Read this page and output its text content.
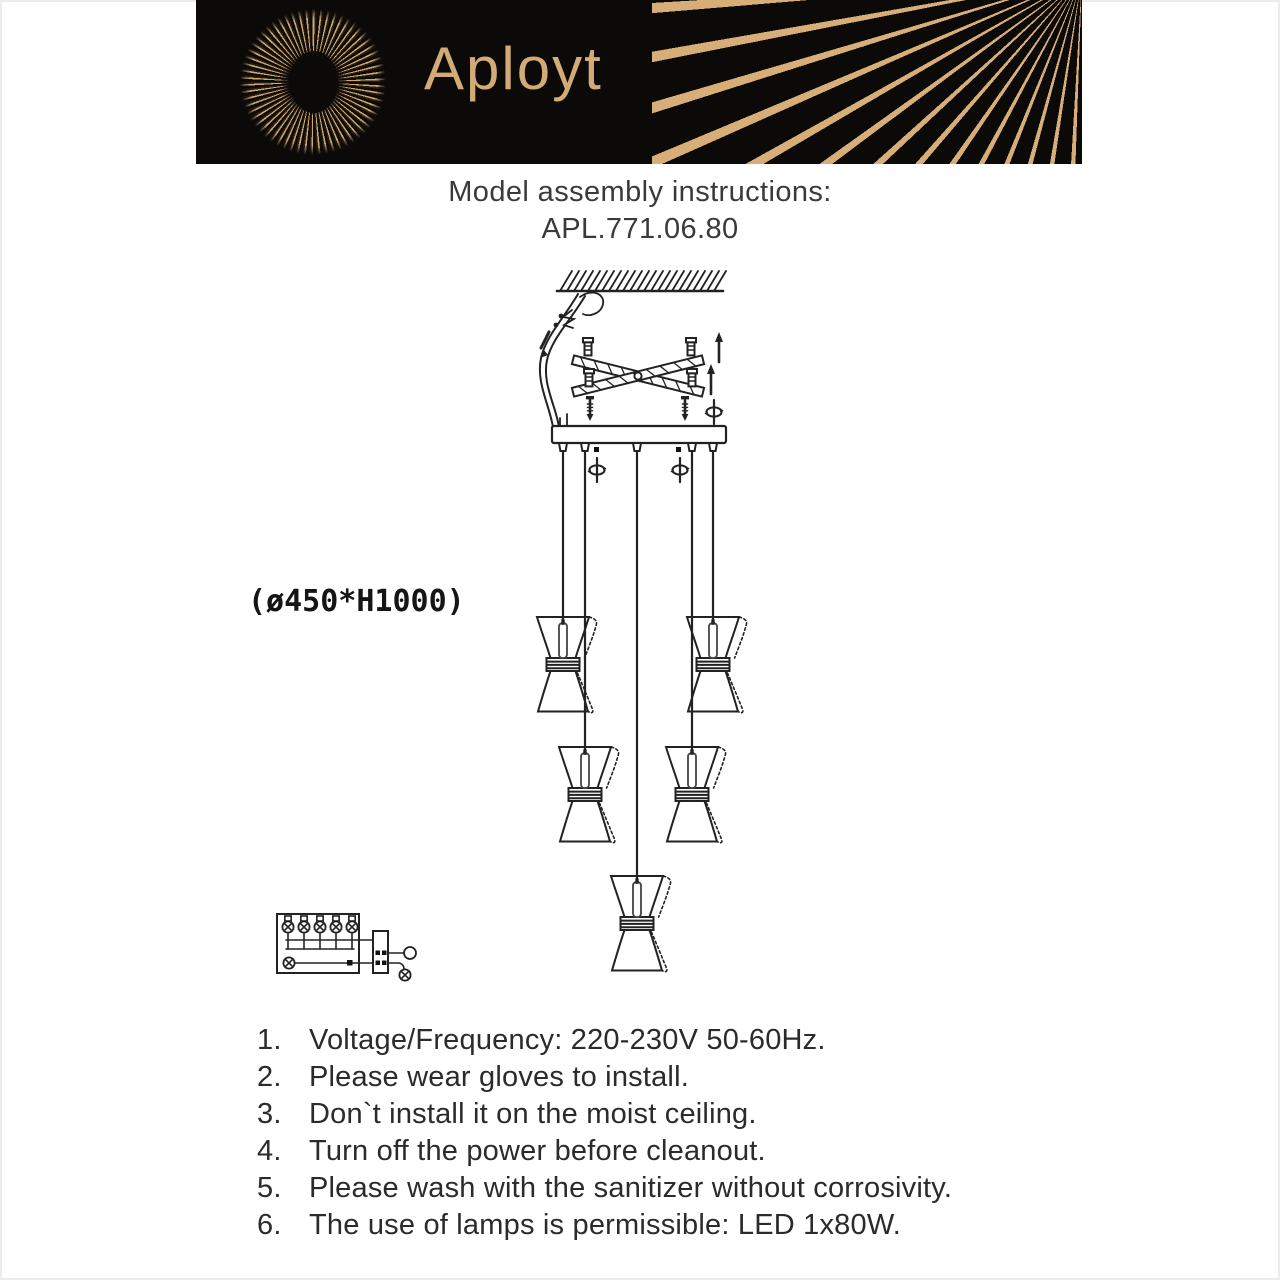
Aployt
Model assembly instructions:
APL.771.06.80
(ø450*H1000)
1. Voltage/Frequency: 220-230V 50-60Hz.
2. Please wear gloves to install.
3. Don`t install it on the moist ceiling.
4. Turn off the power before cleanout.
5. Please wash with the sanitizer without corrosivity.
6. The use of lamps is permissible: LED 1x80W.
